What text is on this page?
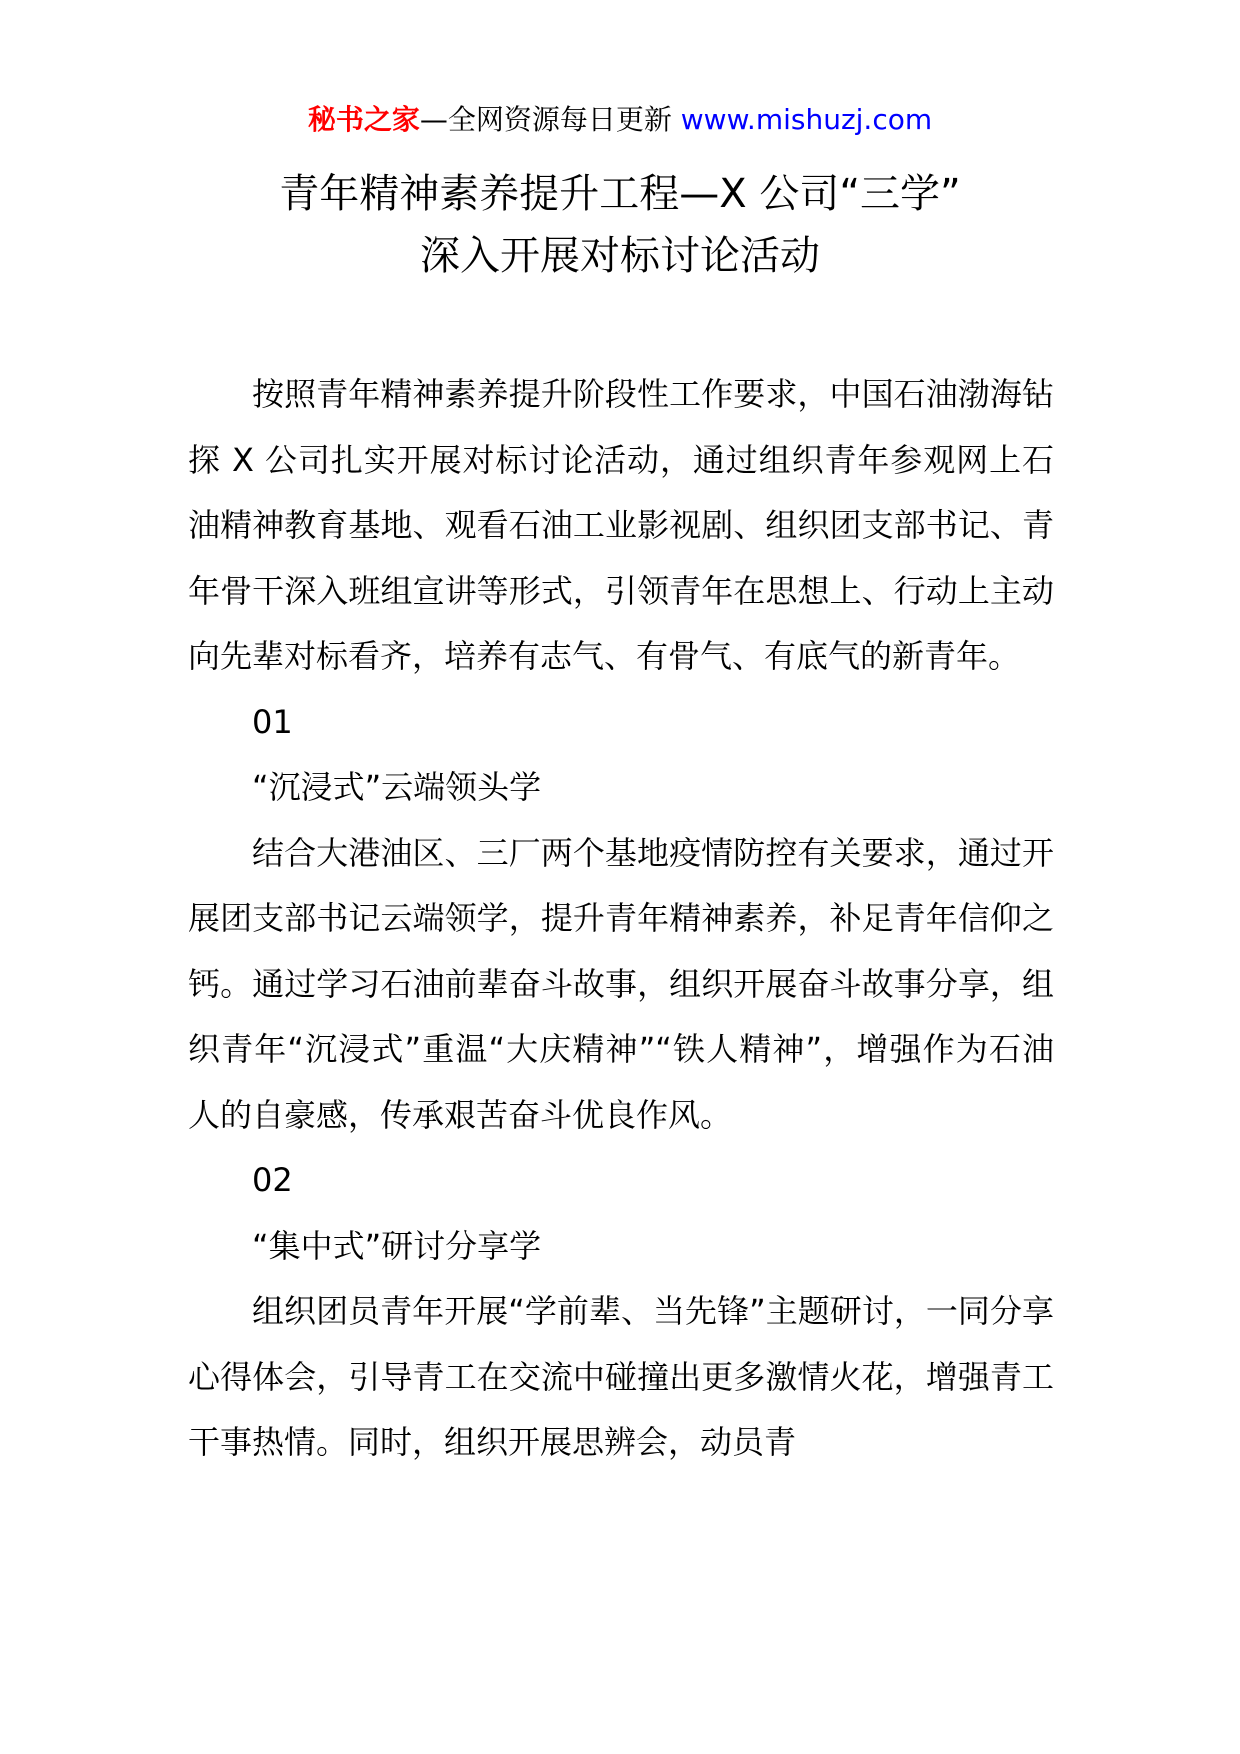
秘书之家—全网资源每日更新 www.mishuzj.com
青年精神素养提升工程—X 公司“三学”
深入开展对标讨论活动

按照青年精神素养提升阶段性工作要求，中国石油渤海钻探 X 公司扎实开展对标讨论活动，通过组织青年参观网上石油精神教育基地、观看石油工业影视剧、组织团支部书记、青年骨干深入班组宣讲等形式，引领青年在思想上、行动上主动向先辈对标看齐，培养有志气、有骨气、有底气的新青年。

01

“沉浸式”云端领头学

结合大港油区、三厂两个基地疫情防控有关要求，通过开展团支部书记云端领学，提升青年精神素养，补足青年信仰之钙。通过学习石油前辈奋斗故事，组织开展奋斗故事分享，组织青年“沉浸式”重温“大庆精神”“铁人精神”，增强作为石油人的自豪感，传承艰苦奋斗优良作风。

02

“集中式”研讨分享学

组织团员青年开展“学前辈、当先锋”主题研讨，一同分享心得体会，引导青工在交流中碰撞出更多激情火花，增强青工干事热情。同时，组织开展思辨会，动员青
